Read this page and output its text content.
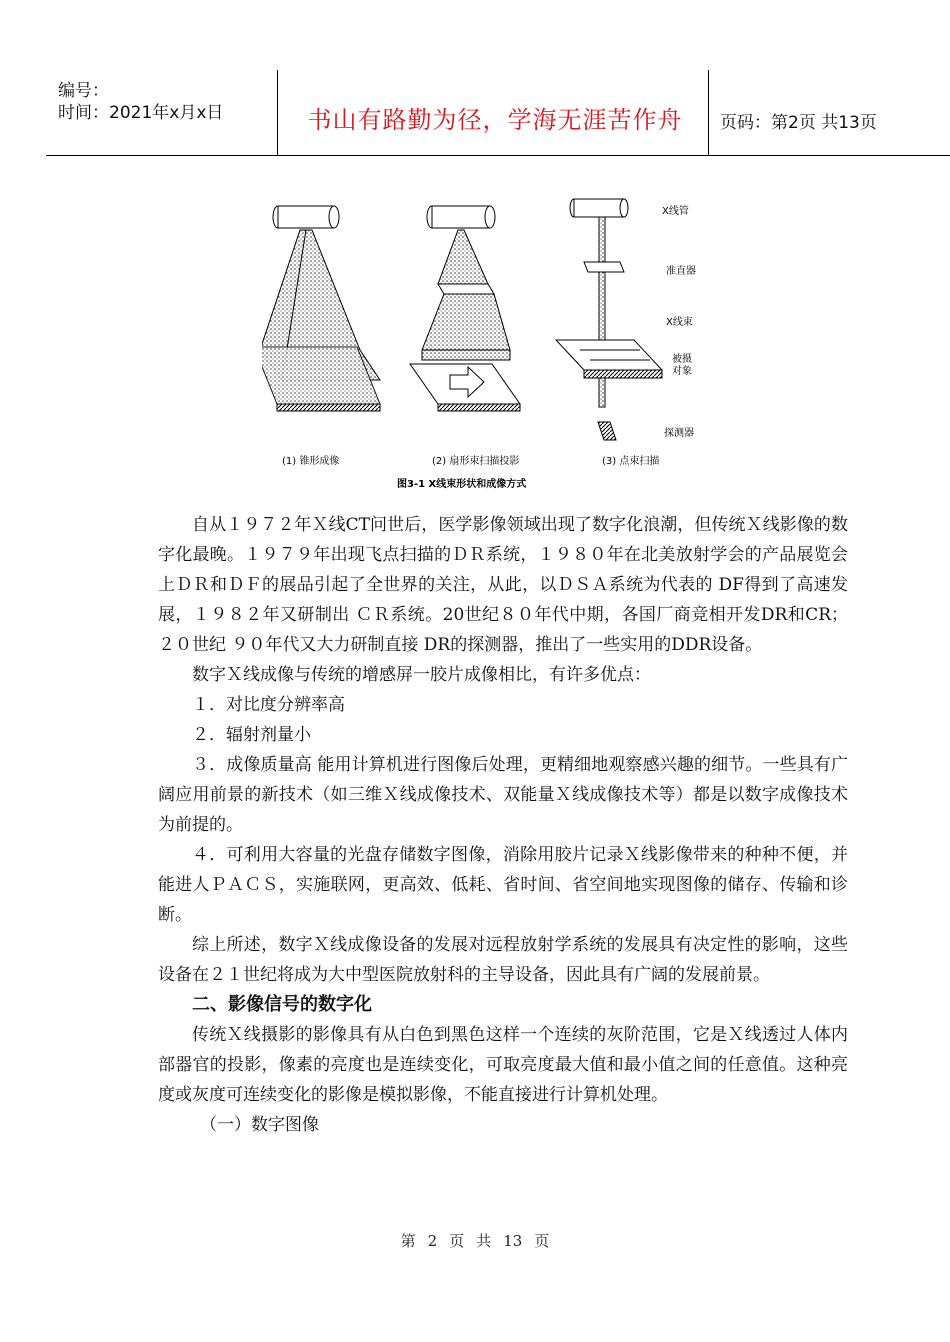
编号：
时间：2021年x月x日	书山有路勤为径，学海无涯苦作舟	页码：第2页 共13页
X线管
准直器
X线束
被摄
对象
探测器
(1) 锥形成像	(2) 扇形束扫描投影	(3) 点束扫描
图3-1 X线束形状和成像方式

自从１９７２年Ｘ线CT问世后，医学影像领域出现了数字化浪潮，但传统Ｘ线影像的数字化最晚。１９７９年出现飞点扫描的ＤＲ系统，１９８０年在北美放射学会的产品展览会上ＤＲ和ＤＦ的展品引起了全世界的关注，从此，以ＤＳＡ系统为代表的 DF得到了高速发展，１９８２年又研制出 ＣＲ系统。20世纪８０年代中期，各国厂商竞相开发DR和CR；２０世纪 ９０年代又大力研制直接 DR的探测器，推出了一些实用的DDR设备。

数字Ｘ线成像与传统的增感屏一胶片成像相比，有许多优点：

１．对比度分辨率高

２．辐射剂量小

３．成像质量高 能用计算机进行图像后处理，更精细地观察感兴趣的细节。一些具有广阔应用前景的新技术（如三维Ｘ线成像技术、双能量Ｘ线成像技术等）都是以数字成像技术为前提的。

４．可利用大容量的光盘存储数字图像，消除用胶片记录Ｘ线影像带来的种种不便，并能进人ＰＡＣＳ，实施联网，更高效、低耗、省时间、省空间地实现图像的储存、传输和诊断。

综上所述，数字Ｘ线成像设备的发展对远程放射学系统的发展具有决定性的影响，这些设备在２１世纪将成为大中型医院放射科的主导设备，因此具有广阔的发展前景。

二、影像信号的数字化

传统Ｘ线摄影的影像具有从白色到黑色这样一个连续的灰阶范围，它是Ｘ线透过人体内部器官的投影，像素的亮度也是连续变化，可取亮度最大值和最小值之间的任意值。这种亮度或灰度可连续变化的影像是模拟影像，不能直接进行计算机处理。

（一）数字图像

第 2 页 共 13 页
